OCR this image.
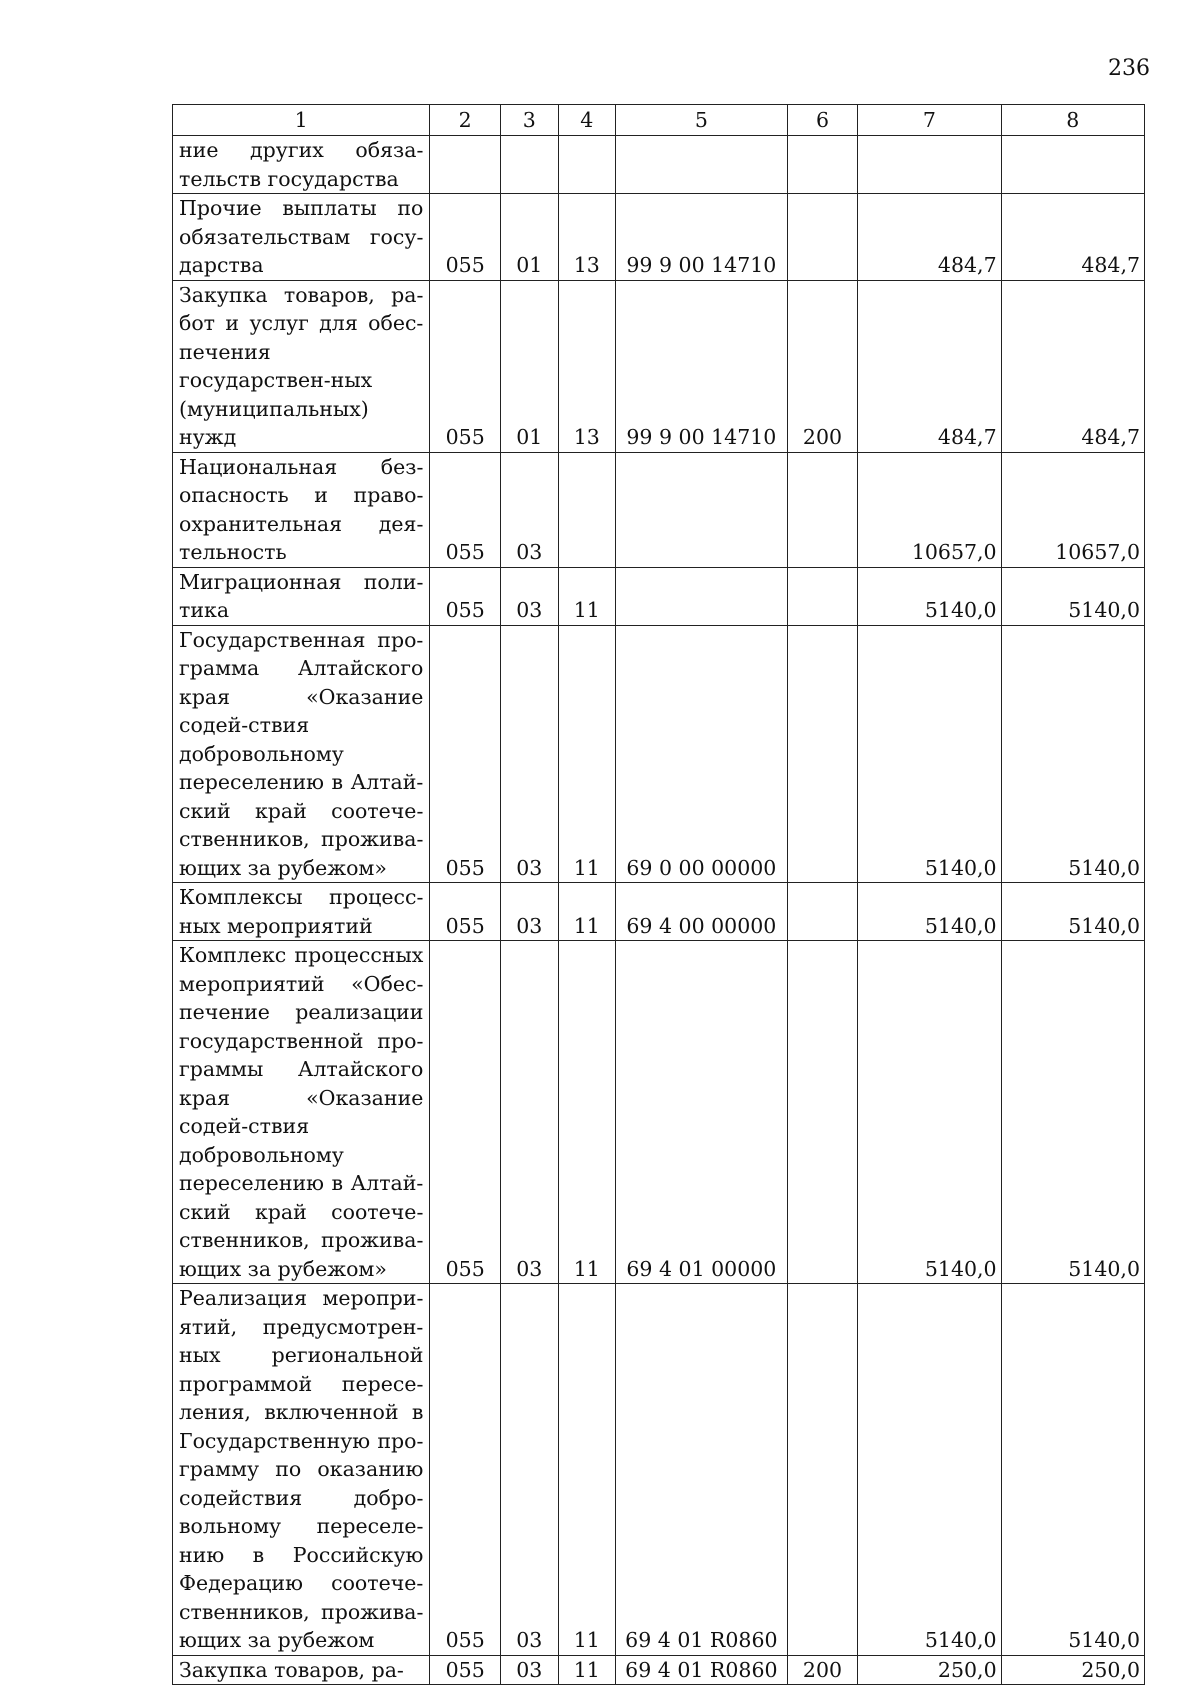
236
1	2	3	4	5	6	7	8
ние других обяза-тельств государства							
Прочие выплаты по обязательствам госу-дарства	055	01	13	99 9 00 14710		484,7	484,7
Закупка товаров, ра-бот и услуг для обес-печения государствен-ных (муниципальных) нужд	055	01	13	99 9 00 14710	200	484,7	484,7
Национальная без-опасность и право-охранительная дея-тельность	055	03				10657,0	10657,0
Миграционная поли-тика	055	03	11			5140,0	5140,0
Государственная про-грамма Алтайского края «Оказание содей-ствия добровольному переселению в Алтай-ский край соотече-ственников, прожива-ющих за рубежом»	055	03	11	69 0 00 00000		5140,0	5140,0
Комплексы процесс-ных мероприятий	055	03	11	69 4 00 00000		5140,0	5140,0
Комплекс процессных мероприятий «Обес-печение реализации государственной про-граммы Алтайского края «Оказание содей-ствия добровольному переселению в Алтай-ский край соотече-ственников, прожива-ющих за рубежом»	055	03	11	69 4 01 00000		5140,0	5140,0
Реализация меропри-ятий, предусмотрен-ных региональной программой пересе-ления, включенной в Государственную про-грамму по оказанию содействия добро-вольному переселе-нию в Российскую Федерацию соотече-ственников, прожива-ющих за рубежом	055	03	11	69 4 01 R0860		5140,0	5140,0
Закупка товаров, ра-	055	03	11	69 4 01 R0860	200	250,0	250,0
